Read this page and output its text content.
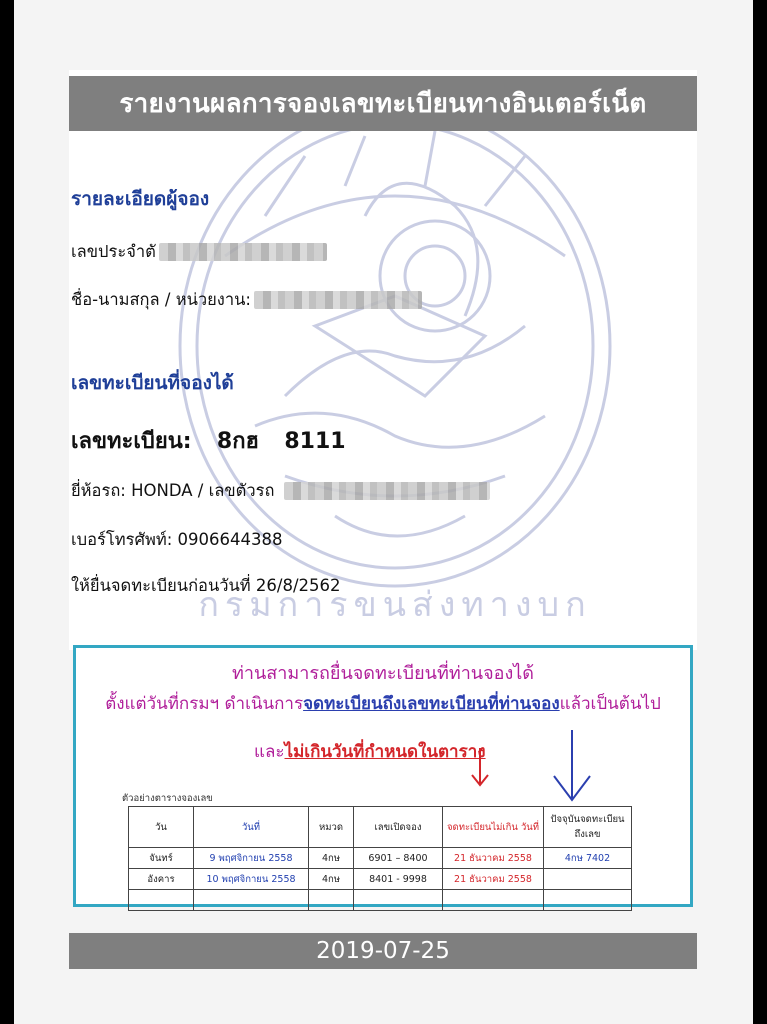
กรมการขนส่งทางบก
รายงานผลการจองเลขทะเบียนทางอินเตอร์เน็ต
รายละเอียดผู้จอง
เลขประจำตั
ชื่อ-นามสกุล / หน่วยงาน:
เลขทะเบียนที่จองได้
เลขทะเบียน: 8กฮ 8111
ยี่ห้อรถ: HONDA / เลขตัวรถ
เบอร์โทรศัพท์: 0906644388
ให้ยื่นจดทะเบียนก่อนวันที่ 26/8/2562
ท่านสามารถยื่นจดทะเบียนที่ท่านจองได้
ตั้งแต่วันที่กรมฯ ดำเนินการจดทะเบียนถึงเลขทะเบียนที่ท่านจองแล้วเป็นต้นไป
และไม่เกินวันที่กำหนดในตาราง
ตัวอย่างตารางจองเลข
วัน	วันที่	หมวด	เลขเปิดจอง	จดทะเบียนไม่เกิน วันที่	ปัจจุบันจดทะเบียน ถึงเลข
จันทร์	9 พฤศจิกายน 2558	4กษ	6901 – 8400	21 ธันวาคม 2558	4กษ 7402
อังคาร	10 พฤศจิกายน 2558	4กษ	8401 - 9998	21 ธันวาคม 2558	

2019-07-25
